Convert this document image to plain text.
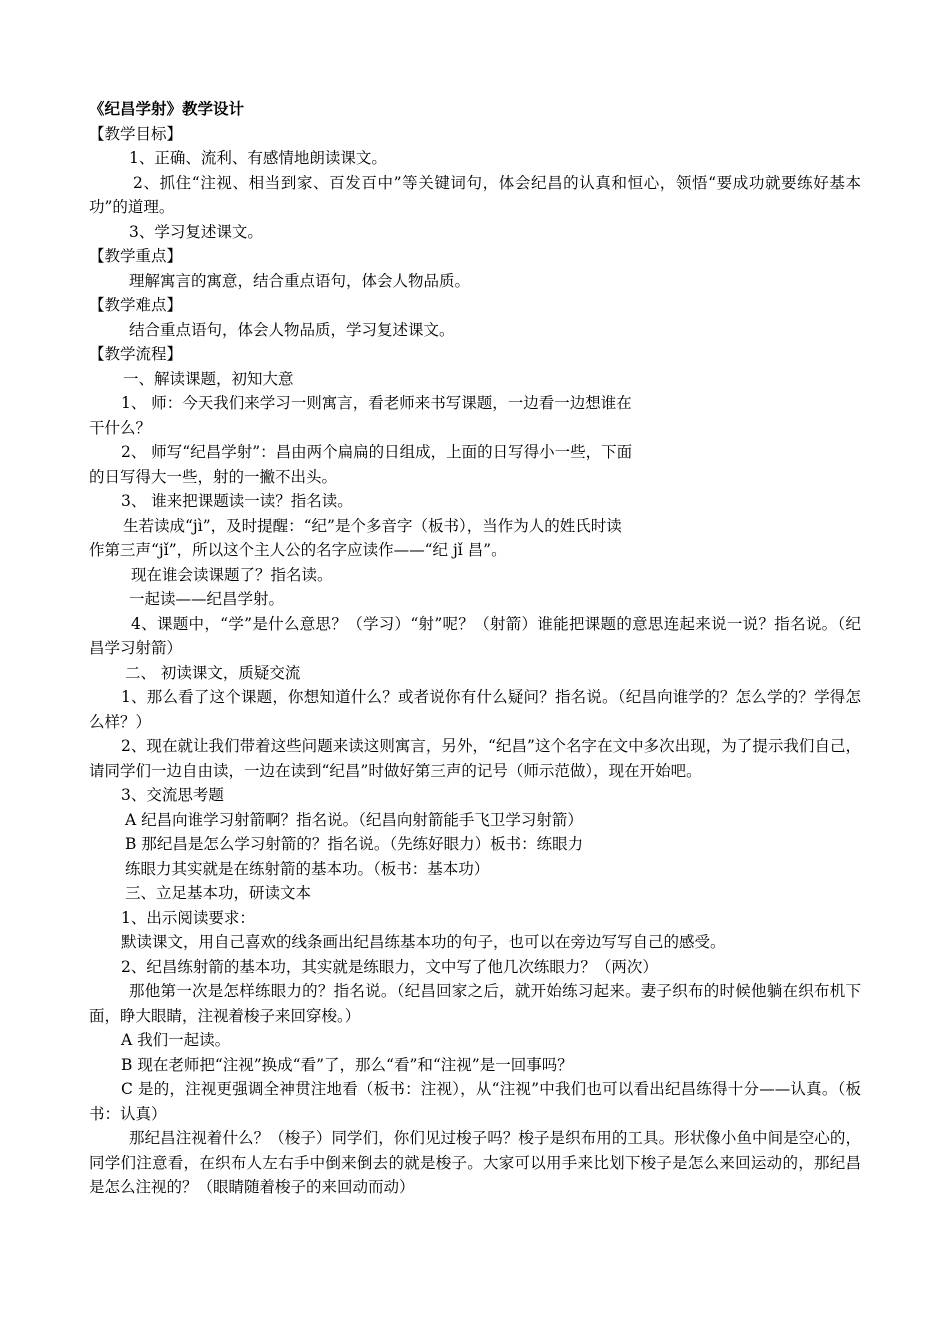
《纪昌学射》教学设计
【教学目标】
1、正确、流利、有感情地朗读课文。
2、抓住“注视、相当到家、百发百中”等关键词句，体会纪昌的认真和恒心，领悟“要成功就要练好基本功”的道理。
3、学习复述课文。
【教学重点】
理解寓言的寓意，结合重点语句，体会人物品质。
【教学难点】
结合重点语句，体会人物品质，学习复述课文。
【教学流程】
一、解读课题，初知大意
1、 师：今天我们来学习一则寓言，看老师来书写课题，一边看一边想谁在
干什么？
2、 师写“纪昌学射”：昌由两个扁扁的日组成，上面的日写得小一些，下面
的日写得大一些，射的一撇不出头。
3、 谁来把课题读一读？指名读。
生若读成“jì”，及时提醒：“纪”是个多音字（板书），当作为人的姓氏时读
作第三声“jǐ”，所以这个主人公的名字应读作——“纪 jǐ 昌”。
现在谁会读课题了？指名读。
一起读——纪昌学射。
4、课题中，“学”是什么意思？（学习）“射”呢？（射箭）谁能把课题的意思连起来说一说？指名说。（纪昌学习射箭）
二、 初读课文，质疑交流
1、那么看了这个课题，你想知道什么？或者说你有什么疑问？指名说。（纪昌向谁学的？怎么学的？学得怎么样？）
2、现在就让我们带着这些问题来读这则寓言，另外，“纪昌”这个名字在文中多次出现，为了提示我们自己，请同学们一边自由读，一边在读到“纪昌”时做好第三声的记号（师示范做），现在开始吧。
3、交流思考题
A 纪昌向谁学习射箭啊？指名说。（纪昌向射箭能手飞卫学习射箭）
B 那纪昌是怎么学习射箭的？指名说。（先练好眼力）板书：练眼力
练眼力其实就是在练射箭的基本功。（板书：基本功）
三、立足基本功，研读文本
1、出示阅读要求：
默读课文，用自己喜欢的线条画出纪昌练基本功的句子，也可以在旁边写写自己的感受。
2、纪昌练射箭的基本功，其实就是练眼力，文中写了他几次练眼力？（两次）
那他第一次是怎样练眼力的？指名说。（纪昌回家之后，就开始练习起来。妻子织布的时候他躺在织布机下面，睁大眼睛，注视着梭子来回穿梭。）
A 我们一起读。
B 现在老师把“注视”换成“看”了，那么“看”和“注视”是一回事吗？
C 是的，注视更强调全神贯注地看（板书：注视），从“注视”中我们也可以看出纪昌练得十分——认真。（板书：认真）
那纪昌注视着什么？（梭子）同学们，你们见过梭子吗？梭子是织布用的工具。形状像小鱼中间是空心的，同学们注意看，在织布人左右手中倒来倒去的就是梭子。大家可以用手来比划下梭子是怎么来回运动的，那纪昌是怎么注视的？（眼睛随着梭子的来回动而动）
